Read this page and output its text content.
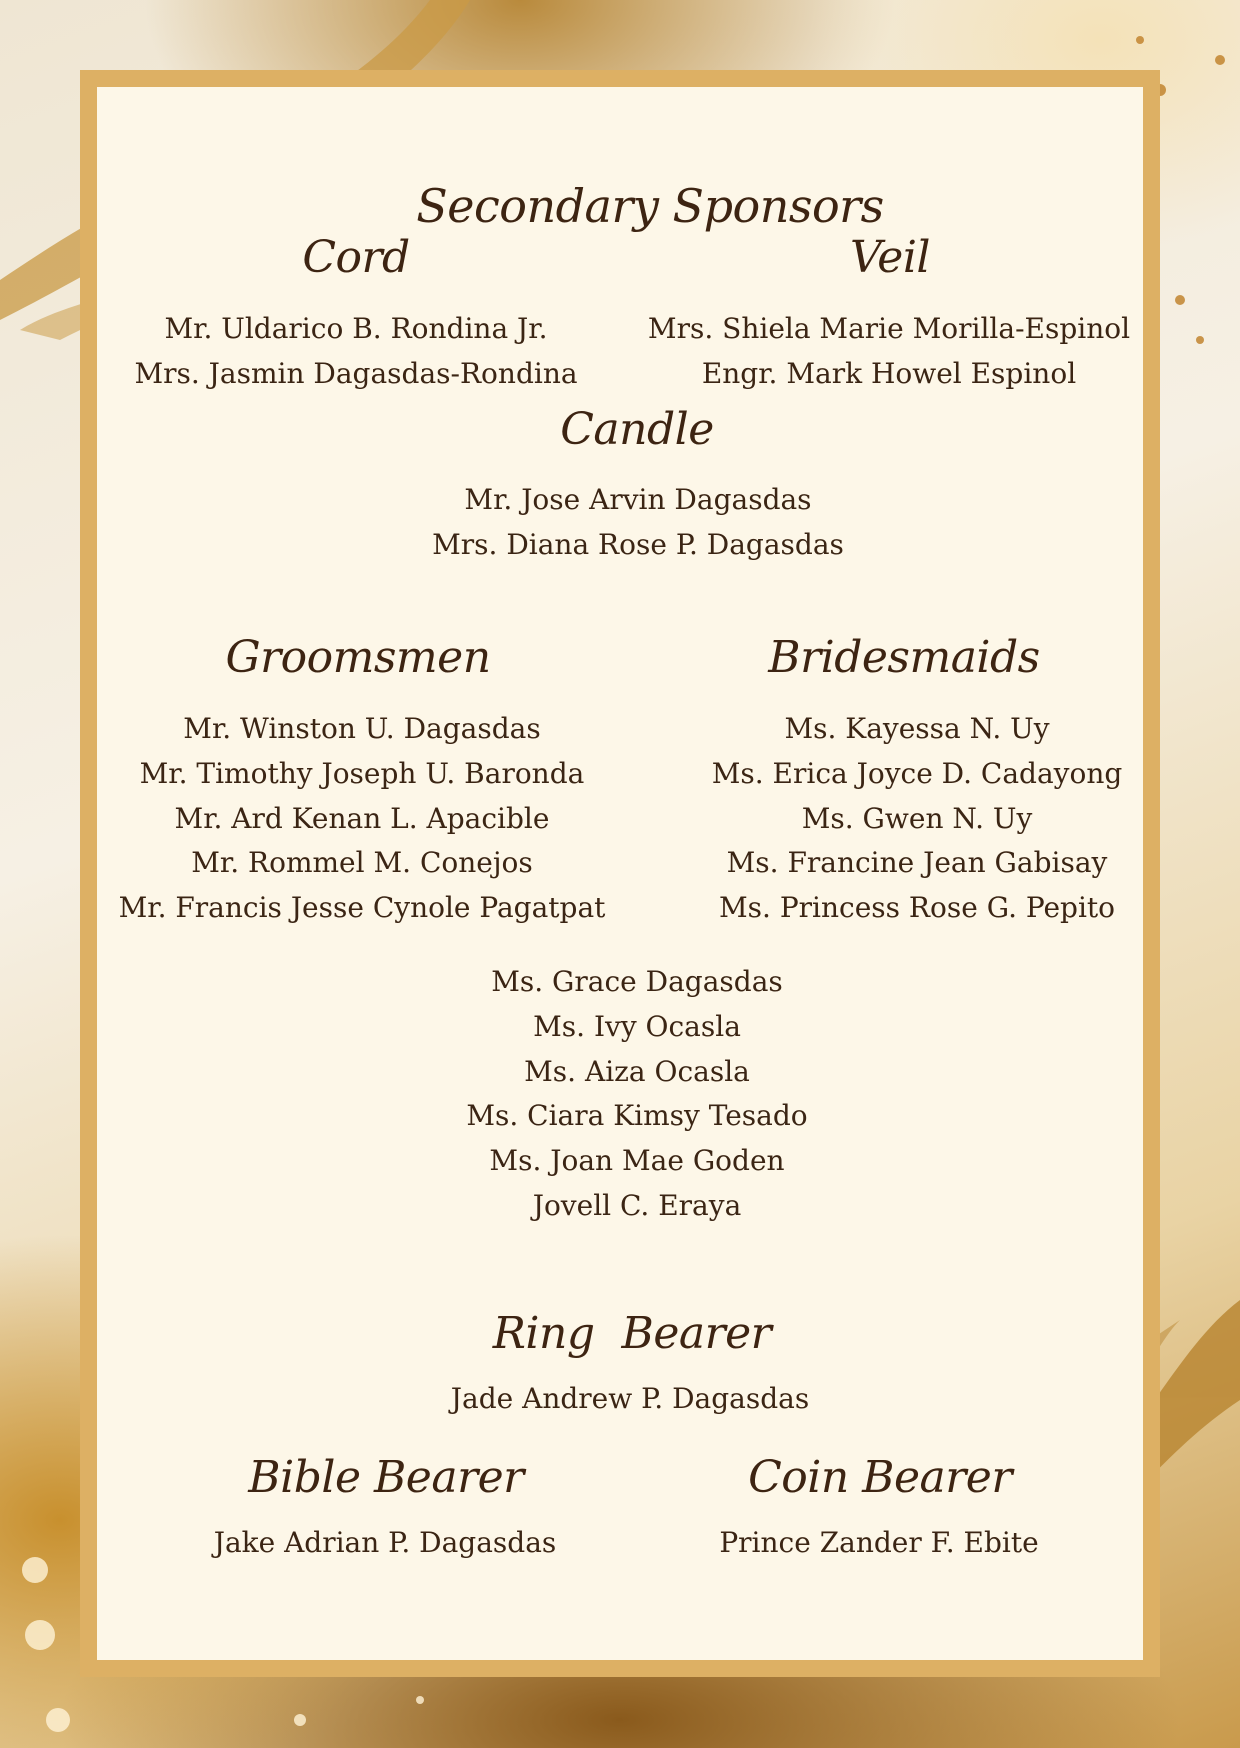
Secondary Sponsors
Cord
Mr. Uldarico B. Rondina Jr.
Mrs. Jasmin Dagasdas-Rondina
Veil
Mrs. Shiela Marie Morilla-Espinol
Engr. Mark Howel Espinol
Candle
Mr. Jose Arvin Dagasdas
Mrs. Diana Rose P. Dagasdas
Groomsmen
Mr. Winston U. Dagasdas
Mr. Timothy Joseph U. Baronda
Mr. Ard Kenan L. Apacible
Mr. Rommel M. Conejos
Mr. Francis Jesse Cynole Pagatpat
Bridesmaids
Ms. Kayessa N. Uy
Ms. Erica Joyce D. Cadayong
Ms. Gwen N. Uy
Ms. Francine Jean Gabisay
Ms. Princess Rose G. Pepito
Ms. Grace Dagasdas
Ms. Ivy Ocasla
Ms. Aiza Ocasla
Ms. Ciara Kimsy Tesado
Ms. Joan Mae Goden
Jovell C. Eraya
Ring  Bearer
Jade Andrew P. Dagasdas
Bible Bearer
Jake Adrian P. Dagasdas
Coin Bearer
Prince Zander F. Ebite
